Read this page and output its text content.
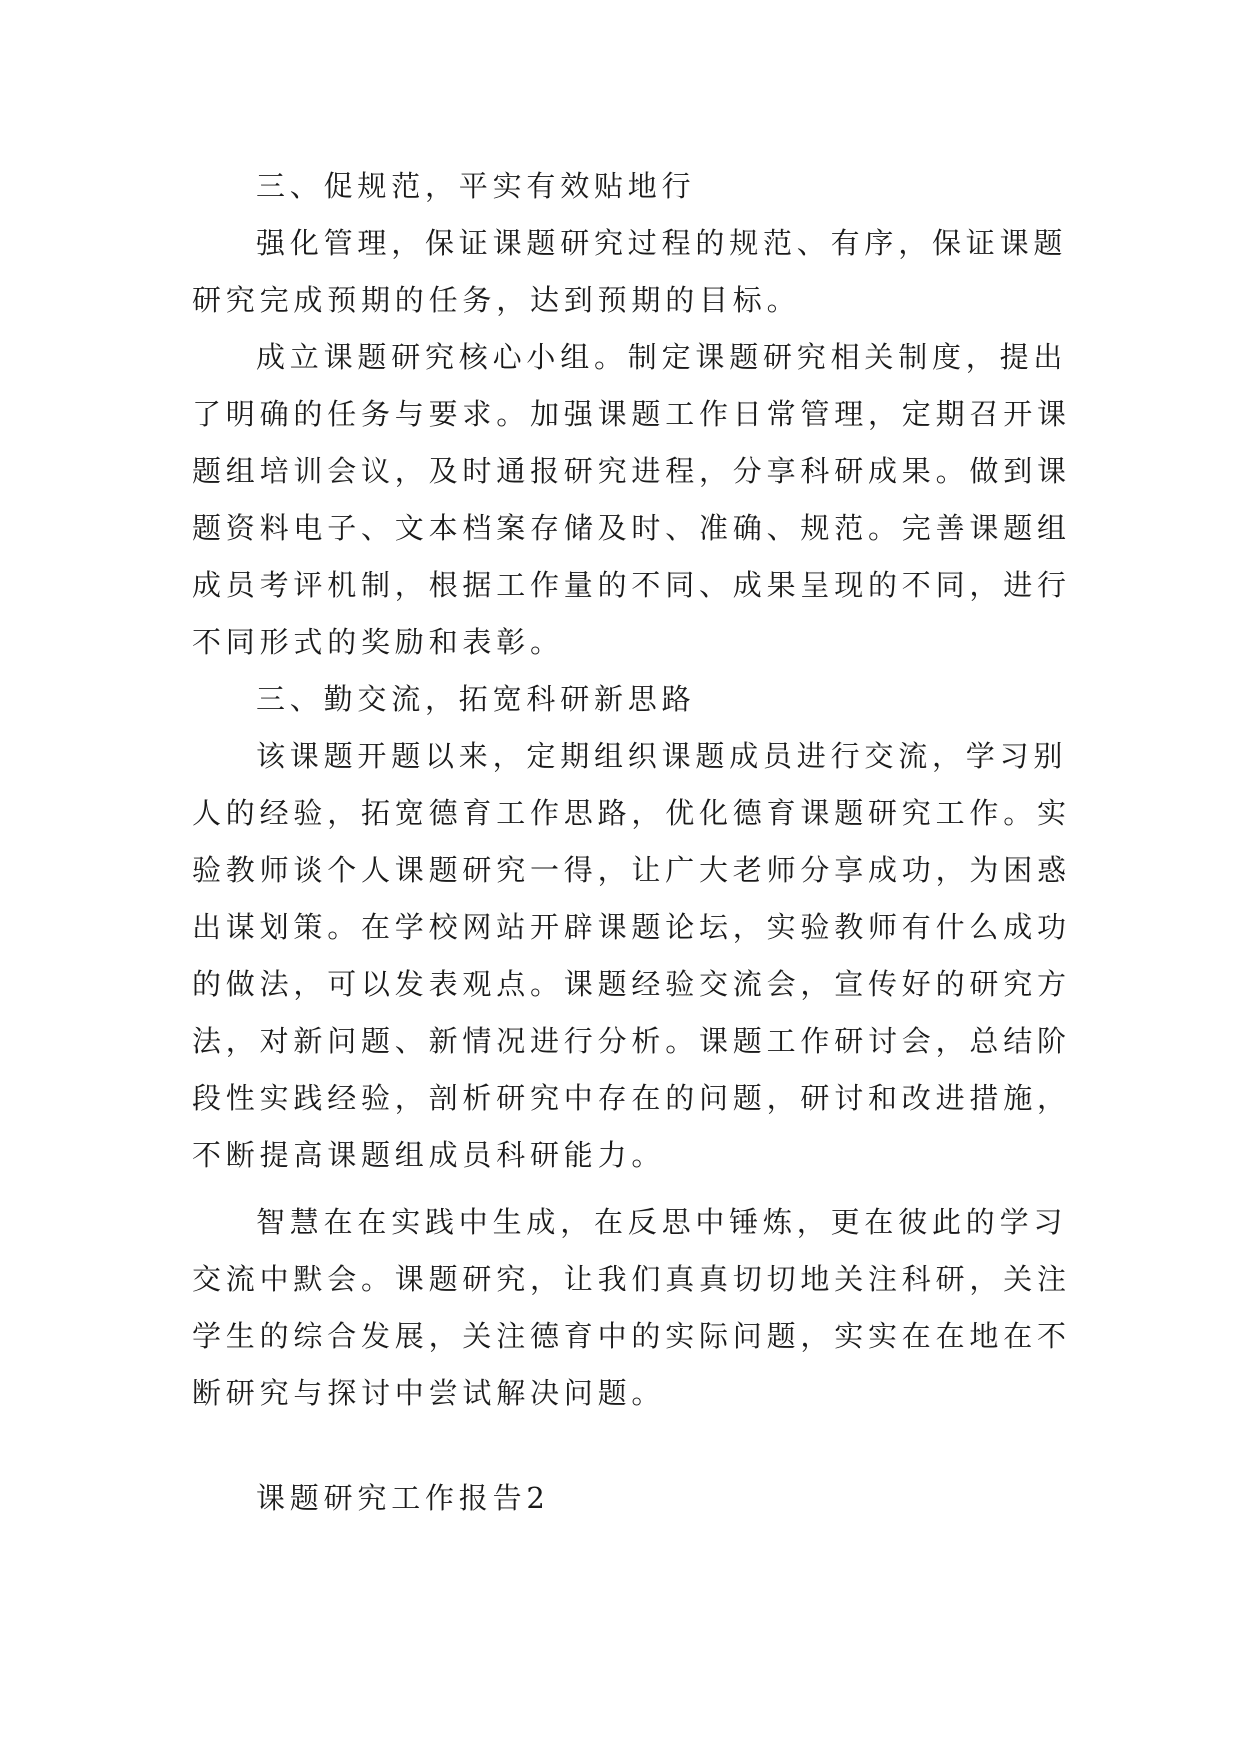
三、促规范，平实有效贴地行
强化管理，保证课题研究过程的规范、有序，保证课题
研究完成预期的任务，达到预期的目标。
成立课题研究核心小组。制定课题研究相关制度，提出
了明确的任务与要求。加强课题工作日常管理，定期召开课
题组培训会议，及时通报研究进程，分享科研成果。做到课
题资料电子、文本档案存储及时、准确、规范。完善课题组
成员考评机制，根据工作量的不同、成果呈现的不同，进行
不同形式的奖励和表彰。
三、勤交流，拓宽科研新思路
该课题开题以来，定期组织课题成员进行交流，学习别
人的经验，拓宽德育工作思路，优化德育课题研究工作。实
验教师谈个人课题研究一得，让广大老师分享成功，为困惑
出谋划策。在学校网站开辟课题论坛，实验教师有什么成功
的做法，可以发表观点。课题经验交流会，宣传好的研究方
法，对新问题、新情况进行分析。课题工作研讨会，总结阶
段性实践经验，剖析研究中存在的问题，研讨和改进措施，
不断提高课题组成员科研能力。
智慧在在实践中生成，在反思中锤炼，更在彼此的学习
交流中默会。课题研究，让我们真真切切地关注科研，关注
学生的综合发展，关注德育中的实际问题，实实在在地在不
断研究与探讨中尝试解决问题。
课题研究工作报告2
